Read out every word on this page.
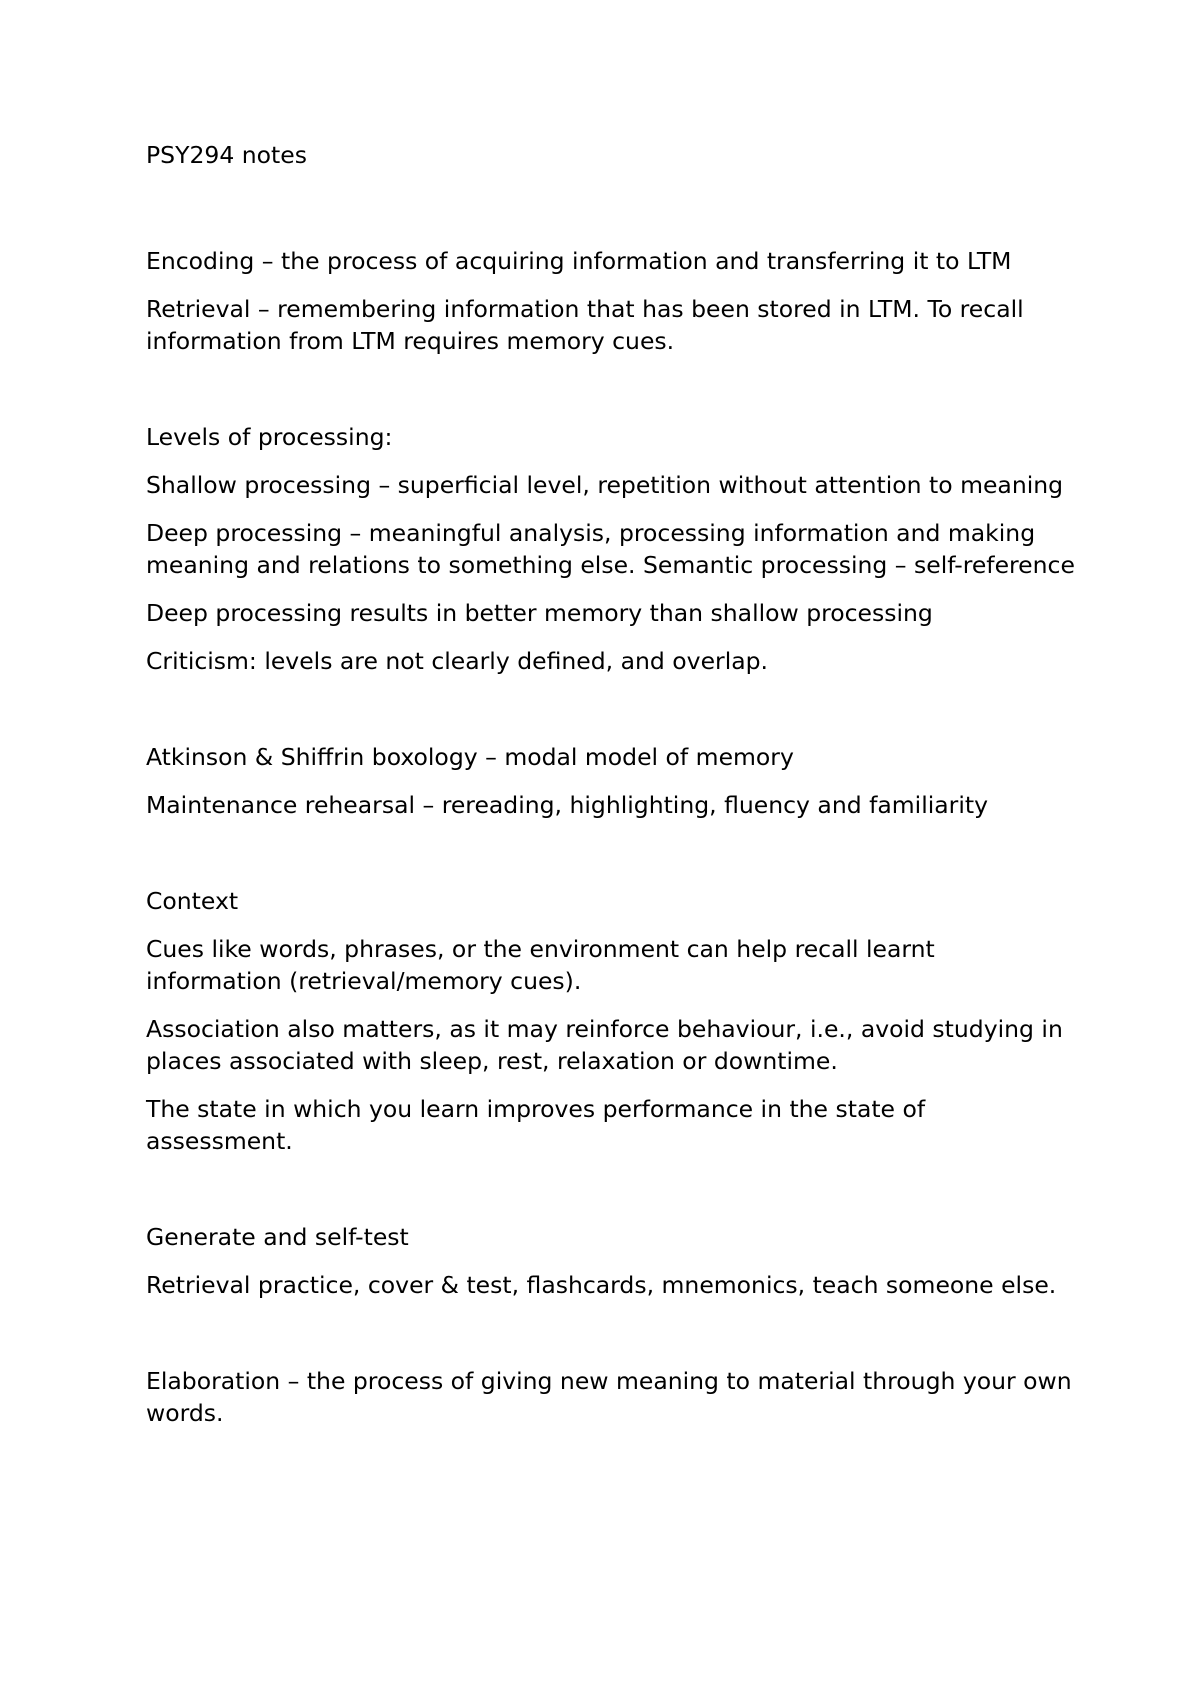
PSY294 notes

Encoding – the process of acquiring information and transferring it to LTM

Retrieval – remembering information that has been stored in LTM. To recall information from LTM requires memory cues.

Levels of processing:

Shallow processing – superficial level, repetition without attention to meaning

Deep processing – meaningful analysis, processing information and making meaning and relations to something else. Semantic processing – self-reference

Deep processing results in better memory than shallow processing

Criticism: levels are not clearly defined, and overlap.

Atkinson & Shiffrin boxology – modal model of memory

Maintenance rehearsal – rereading, highlighting, fluency and familiarity

Context

Cues like words, phrases, or the environment can help recall learnt information (retrieval/memory cues).

Association also matters, as it may reinforce behaviour, i.e., avoid studying in places associated with sleep, rest, relaxation or downtime.

The state in which you learn improves performance in the state of assessment.

Generate and self-test

Retrieval practice, cover & test, flashcards, mnemonics, teach someone else.

Elaboration – the process of giving new meaning to material through your own words.
